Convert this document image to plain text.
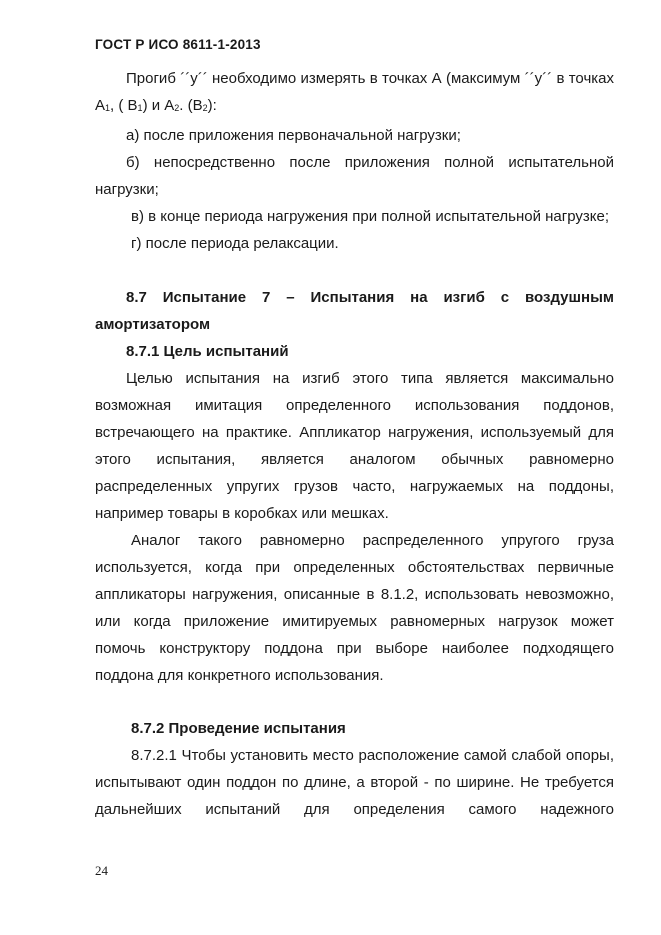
ГОСТ Р ИСО 8611-1-2013

Прогиб ´´y´´ необходимо измерять в точках А (максимум ´´y´´ в точках $А_1$, ( $В_1$) и $А_2$. $(В_2)$:

а) после приложения первоначальной нагрузки;

б) непосредственно после приложения полной испытательной нагрузки;

в) в конце периода нагружения при полной испытательной нагрузке;

г) после периода релаксации.

8.7 Испытание 7 – Испытания на изгиб с воздушным амортизатором

8.7.1 Цель испытаний

Целью испытания на изгиб этого типа является максимально возможная имитация определенного использования поддонов, встречающего на практике. Аппликатор нагружения, используемый для этого испытания, является аналогом обычных равномерно распределенных упругих грузов часто, нагружаемых на поддоны, например товары в коробках или мешках.

Аналог такого равномерно распределенного упругого груза используется, когда при определенных обстоятельствах первичные аппликаторы нагружения, описанные в 8.1.2, использовать невозможно, или когда приложение имитируемых равномерных нагрузок может помочь конструктору поддона при выборе наиболее подходящего поддона для конкретного использования.

8.7.2 Проведение испытания

8.7.2.1 Чтобы установить место расположение самой слабой опоры, испытывают один поддон по длине, а второй - по ширине. Не требуется дальнейших испытаний для определения самого надежного

24
